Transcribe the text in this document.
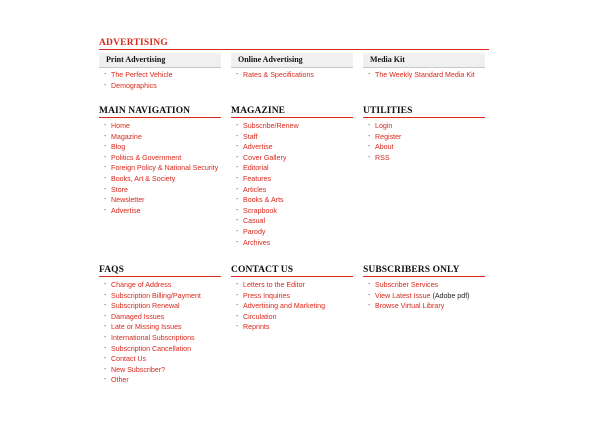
ADVERTISING
Print Advertising
- The Perfect Vehicle
- Demographics
Online Advertising
- Rates & Specifications
Media Kit
- The Weekly Standard Media Kit
MAIN NAVIGATION
- Home
- Magazine
- Blog
- Politics & Government
- Foreign Policy & National Security
- Books, Art & Society
- Store
- Newsletter
- Advertise
MAGAZINE
- Subscribe/Renew
- Staff
- Advertise
- Cover Gallery
- Editorial
- Features
- Articles
- Books & Arts
- Scrapbook
- Casual
- Parody
- Archives
UTILITIES
- Login
- Register
- About
- RSS
FAQS
- Change of Address
- Subscription Billing/Payment
- Subscription Renewal
- Damaged Issues
- Late or Missing Issues
- International Subscriptions
- Subscription Cancellation
- Contact Us
- New Subscriber?
- Other
CONTACT US
- Letters to the Editor
- Press Inquiries
- Advertising and Marketing
- Circulation
- Reprints
SUBSCRIBERS ONLY
- Subscriber Services
- View Latest Issue (Adobe pdf)
- Browse Virtual Library
